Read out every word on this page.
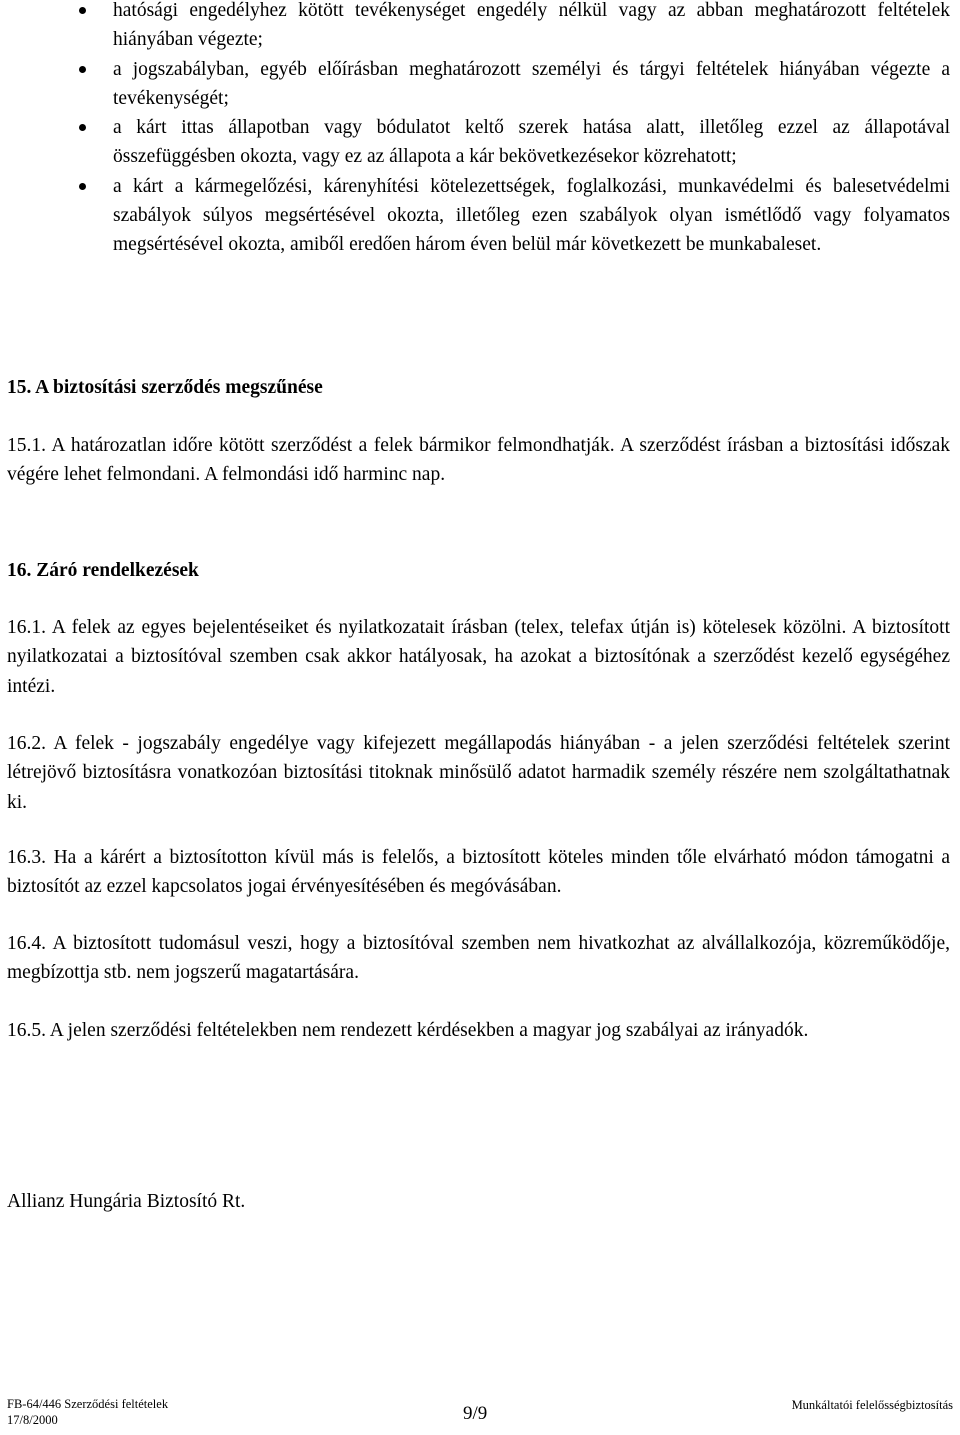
hatósági engedélyhez kötött tevékenységet engedély nélkül vagy az abban meghatározott feltételek hiányában végezte;
a jogszabályban, egyéb előírásban meghatározott személyi és tárgyi feltételek hiányában végezte a tevékenységét;
a kárt ittas állapotban vagy bódulatot keltő szerek hatása alatt, illetőleg ezzel az állapotával összefüggésben okozta, vagy ez az állapota a kár bekövetkezésekor közrehatott;
a kárt a kármegelőzési, kárenyhítési kötelezettségek, foglalkozási, munkavédelmi és balesetvédelmi szabályok súlyos megsértésével okozta, illetőleg ezen szabályok olyan ismétlődő vagy folyamatos megsértésével okozta, amiből eredően három éven belül már következett be munkabaleset.
15. A biztosítási szerződés megszűnése

15.1. A határozatlan időre kötött szerződést a felek bármikor felmondhatják. A szerződést írásban a biztosítási időszak végére lehet felmondani. A felmondási idő harminc nap.

16. Záró rendelkezések

16.1. A felek az egyes bejelentéseiket és nyilatkozatait írásban (telex, telefax útján is) kötelesek közölni. A biztosított nyilatkozatai a biztosítóval szemben csak akkor hatályosak, ha azokat a biztosítónak a szerződést kezelő egységéhez intézi.

16.2. A felek - jogszabály engedélye vagy kifejezett megállapodás hiányában - a jelen szerződési feltételek szerint létrejövő biztosításra vonatkozóan biztosítási titoknak minősülő adatot harmadik személy részére nem szolgáltathatnak ki.

16.3. Ha a kárért a biztosítotton kívül más is felelős, a biztosított köteles minden tőle elvárható módon támogatni a biztosítót az ezzel kapcsolatos jogai érvényesítésében és megóvásában.

16.4. A biztosított tudomásul veszi, hogy a biztosítóval szemben nem hivatkozhat az alvállalkozója, közreműködője, megbízottja stb. nem jogszerű magatartására.

16.5. A jelen szerződési feltételekben nem rendezett kérdésekben a magyar jog szabályai az irányadók.

Allianz Hungária Biztosító Rt.

FB-64/446 Szerződési feltételek
17/8/2000	9/9	Munkáltatói felelősségbiztosítás
